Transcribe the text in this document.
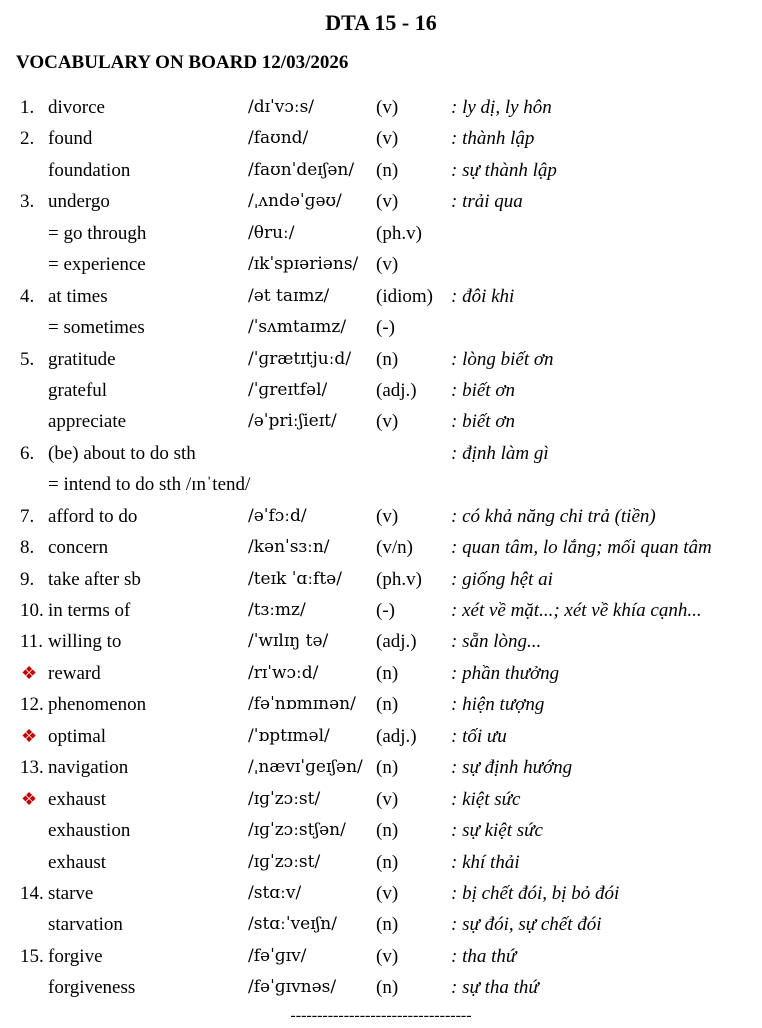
DTA 15 - 16
VOCABULARY ON BOARD 12/03/2026
1. divorce	/dɪˈvɔːs/	(v)	: ly dị, ly hôn
2. found	/faʊnd/	(v)	: thành lập
foundation	/faʊnˈdeɪʃən/ (n)	: sự thành lập
3. undergo	/ˌʌndəˈɡəʊ/ (v)	: trải qua
= go through	/θruː/	(ph.v)
= experience	/ɪkˈspɪəriəns/ (v)
4. at times	/ət taɪmz/ (idiom) : đôi khi
= sometimes	/ˈsʌmtaɪmz/ (-)
5. gratitude	/ˈɡrætɪtjuːd/ (n)	: lòng biết ơn
grateful	/ˈɡreɪtfəl/	(adj.) : biết ơn
appreciate	/əˈpriːʃieɪt/ (v)	: biết ơn
6. (be) about to do sth	: định làm gì
= intend to do sth /ɪnˈtend/
7. afford to do	/əˈfɔːd/	(v)	: có khả năng chi trả (tiền)
8. concern	/kənˈsɜːn/ (v/n) : quan tâm, lo lắng; mối quan tâm
9. take after sb	/teɪk ˈɑːftə/ (ph.v) : giống hệt ai
10. in terms of	/tɜːmz/	(-)	: xét về mặt...; xét về khía cạnh...
11. willing to	/ˈwɪlɪŋ tə/	(adj.) : sẵn lòng...
❖ reward	/rɪˈwɔːd/	(n)	: phần thưởng
12. phenomenon	/fəˈnɒmɪnən/ (n)	: hiện tượng
❖ optimal	/ˈɒptɪməl/ (adj.) : tối ưu
13. navigation	/ˌnævɪˈɡeɪʃən/ (n)	: sự định hướng
❖ exhaust	/ɪɡˈzɔːst/	(v)	: kiệt sức
exhaustion	/ɪɡˈzɔːstʃən/ (n)	: sự kiệt sức
exhaust	/ɪɡˈzɔːst/	(n)	: khí thải
14. starve	/stɑːv/	(v)	: bị chết đói, bị bỏ đói
starvation	/stɑːˈveɪʃn/ (n)	: sự đói, sự chết đói
15. forgive	/fəˈɡɪv/	(v)	: tha thứ
forgiveness	/fəˈɡɪvnəs/ (n)	: sự tha thứ
----------------------------------
